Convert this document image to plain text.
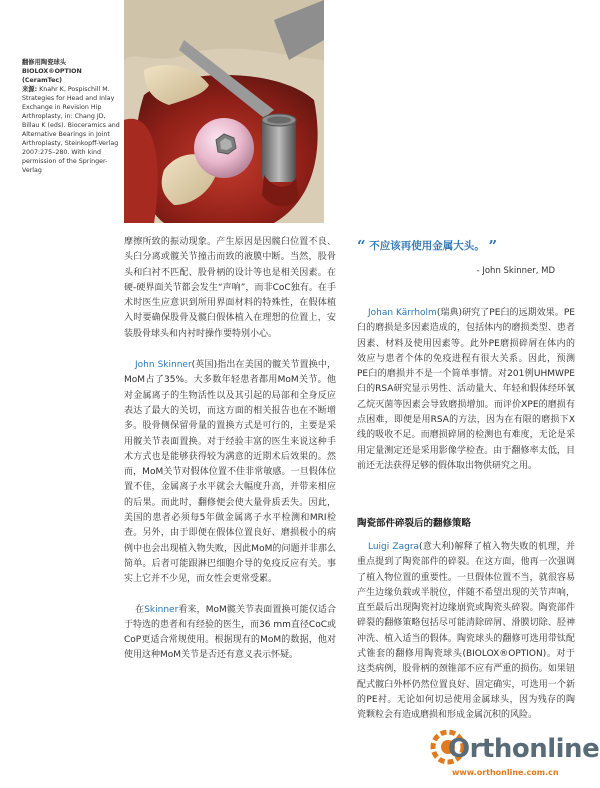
翻修用陶瓷球头
BIOLOX®OPTION (CeramTec)
来源: Knahr K, Pospischill M. Strategies for Head and Inlay Exchange in Revision Hip Arthroplasty, in: Chang JD, Billau K (eds). Bioceramics and Alternative Bearings in Joint Arthroplasty, Steinkopff-Verlag 2007:275–280. With kind permission of the Springer-Verlag

摩擦所致的振动现象。产生原因是因髋臼位置不良、头臼分离或髋关节撞击而致的液膜中断。当然，股骨头和臼衬不匹配、股骨柄的设计等也是相关因素。在硬-硬界面关节都会发生“声响”，而非CoC独有。在手术时医生应意识到所用界面材料的特殊性，在假体植入时要确保股骨及髋臼假体植入在理想的位置上，安装股骨球头和内衬时操作要特别小心。

John Skinner(英国)指出在美国的髋关节置换中，MoM占了35%。大多数年轻患者都用MoM关节。他对金属离子的生物活性以及其引起的局部和全身反应表达了最大的关切，而这方面的相关报告也在不断增多。股骨侧保留骨量的置换方式是可行的，主要是采用髋关节表面置换。对于经验丰富的医生来说这种手术方式也是能够获得较为满意的近期术后效果的。然而，MoM关节对假体位置不佳非常敏感。一旦假体位置不佳，金属离子水平就会大幅度升高，并带来相应的后果。而此时，翻修便会使大量骨质丢失。因此，美国的患者必须每5年做金属离子水平检测和MRI检查。另外，由于即便在假体位置良好、磨损极小的病例中也会出现植入物失败，因此MoM的问题并非那么简单。后者可能跟淋巴细胞介导的免疫反应有关。事实上它并不少见，而女性会更常受累。

在Skinner看来，MoM髋关节表面置换可能仅适合于特选的患者和有经验的医生，而36 mm直径CoC或CoP更适合常规使用。根据现有的MoM的数据，他对使用这种MoM关节是否还有意义表示怀疑。

“ 不应该再使用金属大头。 ”
- John Skinner, MD

Johan Kärrholm(瑞典)研究了PE臼的远期效果。PE臼的磨损是多因素造成的，包括体内的磨损类型、患者因素、材料及使用因素等。此外PE磨损碎屑在体内的效应与患者个体的免疫进程有很大关系。因此，预测PE臼的磨损并不是一个简单事情。对201例UHMWPE臼的RSA研究显示男性、活动量大、年轻和假体经环氧乙烷灭菌等因素会导致磨损增加。而评价XPE的磨损有点困难，即便是用RSA的方法，因为在有限的磨损下X线的吸收不足。而磨损碎屑的检测也有难度，无论是采用定量测定还是采用影像学检查。由于翻修率太低，目前还无法获得足够的假体取出物供研究之用。

陶瓷部件碎裂后的翻修策略

Luigi Zagra(意大利)解释了植入物失败的机理，并重点提到了陶瓷部件的碎裂。在这方面，他再一次强调了植入物位置的重要性。一旦假体位置不当，就很容易产生边缘负载或半脱位，伴随不希望出现的关节声响，直至最后出现陶瓷衬边缘崩瓷或陶瓷头碎裂。陶瓷部件碎裂的翻修策略包括尽可能清除碎屑、滑膜切除、胫神冲洗、植入适当的假体。陶瓷球头的翻修可选用带钛配式锥套的翻修用陶瓷球头(BIOLOX®OPTION)。对于这类病例，股骨柄的颈锥部不应有严重的损伤。如果钮配式髋臼外杯仍然位置良好、固定确实，可选用一个新的PE衬。无论如何切忌使用金属球头，因为残存的陶瓷颗粒会有造成磨损和形成金属沉积的风险。

Orthonline
www.orthonline.com.cn
